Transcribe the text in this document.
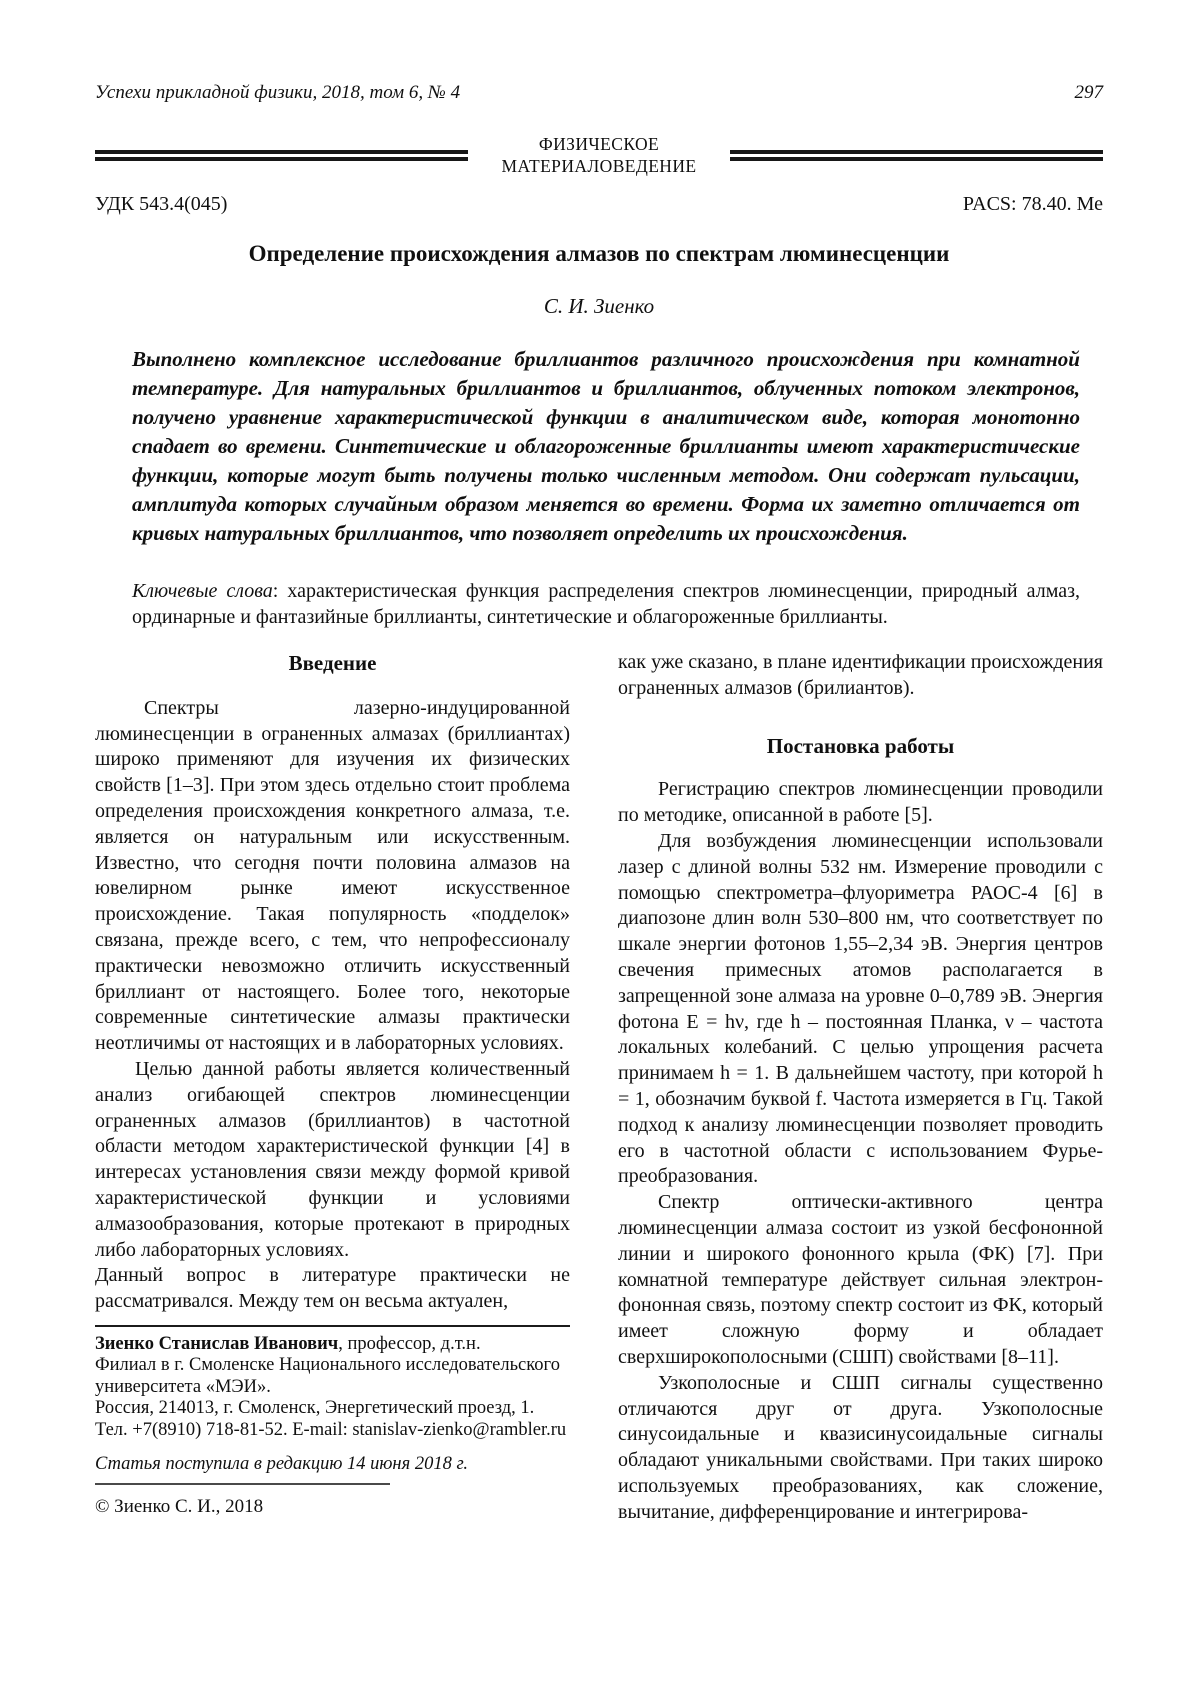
Успехи прикладной физики, 2018, том 6, № 4	297
ФИЗИЧЕСКОЕ
МАТЕРИАЛОВЕДЕНИЕ
УДК 543.4(045)	PACS: 78.40. Ме
Определение происхождения алмазов по спектрам люминесценции
С. И. Зиенко
Выполнено комплексное исследование бриллиантов различного происхождения при комнатной температуре. Для натуральных бриллиантов и бриллиантов, облученных потоком электронов, получено уравнение характеристической функции в аналитическом виде, которая монотонно спадает во времени. Синтетические и облагороженные бриллианты имеют характеристические функции, которые могут быть получены только численным методом. Они содержат пульсации, амплитуда которых случайным образом меняется во времени. Форма их заметно отличается от кривых натуральных бриллиантов, что позволяет определить их происхождения.
Ключевые слова: характеристическая функция распределения спектров люминесценции, природный алмаз, ординарные и фантазийные бриллианты, синтетические и облагороженные бриллианты.

Введение

Спектры лазерно-индуцированной люминесценции в ограненных алмазах (бриллиантах) широко применяют для изучения их физических свойств [1–3]. При этом здесь отдельно стоит проблема определения происхождения конкретного алмаза, т.е. является он натуральным или искусственным. Известно, что сегодня почти половина алмазов на ювелирном рынке имеют искусственное происхождение. Такая популярность «подделок» связана, прежде всего, с тем, что непрофессионалу практически невозможно отличить искусственный бриллиант от настоящего. Более того, некоторые современные синтетические алмазы практически неотличимы от настоящих и в лабораторных условиях.

Целью данной работы является количественный анализ огибающей спектров люминесценции ограненных алмазов (бриллиантов) в частотной области методом характеристической функции [4] в интересах установления связи между формой кривой характеристической функции и условиями алмазообразования, которые протекают в природных либо лабораторных условиях.

Данный вопрос в литературе практически не рассматривался. Между тем он весьма актуален,

Зиенко Станислав Иванович, профессор, д.т.н.

Филиал в г. Смоленске Национального исследовательского университета «МЭИ».

Россия, 214013, г. Смоленск, Энергетический проезд, 1.

Тел. +7(8910) 718-81-52. E-mail: stanislav-zienko@rambler.ru

Статья поступила в редакцию 14 июня 2018 г.

© Зиенко С. И., 2018

как уже сказано, в плане идентификации происхождения ограненных алмазов (брилиантов).

Постановка работы

Регистрацию спектров люминесценции проводили по методике, описанной в работе [5].

Для возбуждения люминесценции использовали лазер с длиной волны 532 нм. Измерение проводили с помощью спектрометра–флуориметра РАОС-4 [6] в диапозоне длин волн 530–800 нм, что соответствует по шкале энергии фотонов 1,55–2,34 эВ. Энергия центров свечения примесных атомов располагается в запрещенной зоне алмаза на уровне 0–0,789 эВ. Энергия фотона E = hν, где h – постоянная Планка, ν – частота локальных колебаний. С целью упрощения расчета принимаем h = 1. В дальнейшем частоту, при которой h = 1, обозначим буквой f. Частота измеряется в Гц. Такой подход к анализу люминесценции позволяет проводить его в частотной области с использованием Фурье-преобразования.

Спектр оптически-активного центра люминесценции алмаза состоит из узкой бесфононной линии и широкого фононного крыла (ФК) [7]. При комнатной температуре действует сильная электрон-фононная связь, поэтому спектр состоит из ФК, который имеет сложную форму и обладает сверхширокополосными (СШП) свойствами [8–11].

Узкополосные и СШП сигналы существенно отличаются друг от друга. Узкополосные синусоидальные и квазисинусоидальные сигналы обладают уникальными свойствами. При таких широко используемых преобразованиях, как сложение, вычитание, дифференцирование и интегрирова-
